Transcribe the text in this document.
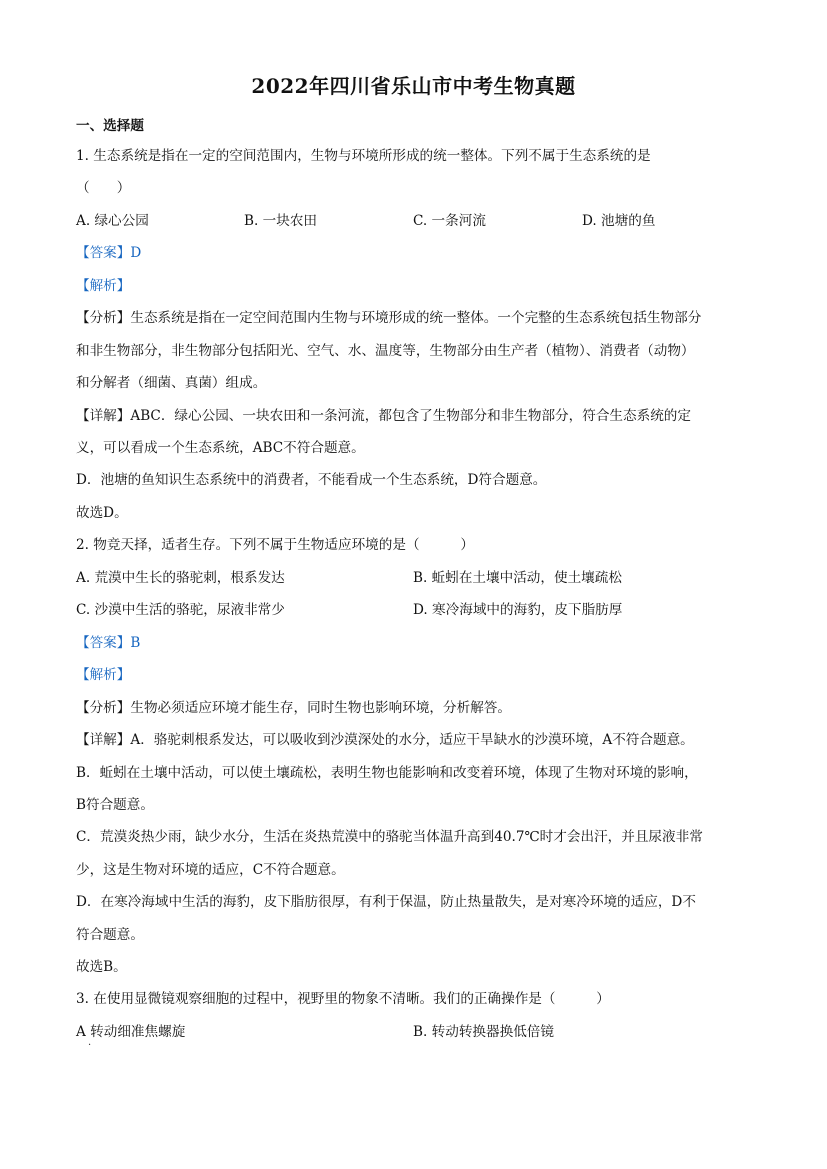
2022年四川省乐山市中考生物真题
一、选择题
1. 生态系统是指在一定的空间范围内，生物与环境所形成的统一整体。下列不属于生态系统的是
（　　）
A. 绿心公园	B. 一块农田	C. 一条河流	D. 池塘的鱼
【答案】D
【解析】
【分析】生态系统是指在一定空间范围内生物与环境形成的统一整体。一个完整的生态系统包括生物部分
和非生物部分，非生物部分包括阳光、空气、水、温度等，生物部分由生产者（植物）、消费者（动物）
和分解者（细菌、真菌）组成。
【详解】ABC．绿心公园、一块农田和一条河流，都包含了生物部分和非生物部分，符合生态系统的定
义，可以看成一个生态系统，ABC不符合题意。
D．池塘的鱼知识生态系统中的消费者，不能看成一个生态系统，D符合题意。
故选D。
2. 物竞天择，适者生存。下列不属于生物适应环境的是（　　　）
A. 荒漠中生长的骆驼刺，根系发达	B. 蚯蚓在土壤中活动，使土壤疏松
C. 沙漠中生活的骆驼，尿液非常少	D. 寒冷海域中的海豹，皮下脂肪厚
【答案】B
【解析】
【分析】生物必须适应环境才能生存，同时生物也影响环境，分析解答。
【详解】A．骆驼刺根系发达，可以吸收到沙漠深处的水分，适应干旱缺水的沙漠环境，A不符合题意。
B．蚯蚓在土壤中活动，可以使土壤疏松，表明生物也能影响和改变着环境，体现了生物对环境的影响，
B符合题意。
C．荒漠炎热少雨，缺少水分，生活在炎热荒漠中的骆驼当体温升高到40.7℃时才会出汗，并且尿液非常
少，这是生物对环境的适应，C不符合题意。
D．在寒冷海域中生活的海豹，皮下脂肪很厚，有利于保温，防止热量散失，是对寒冷环境的适应，D不
符合题意。
故选B。
3. 在使用显微镜观察细胞的过程中，视野里的物象不清晰。我们的正确操作是（　　　）
A 转动细准焦螺旋	B. 转动转换器换低倍镜
·
